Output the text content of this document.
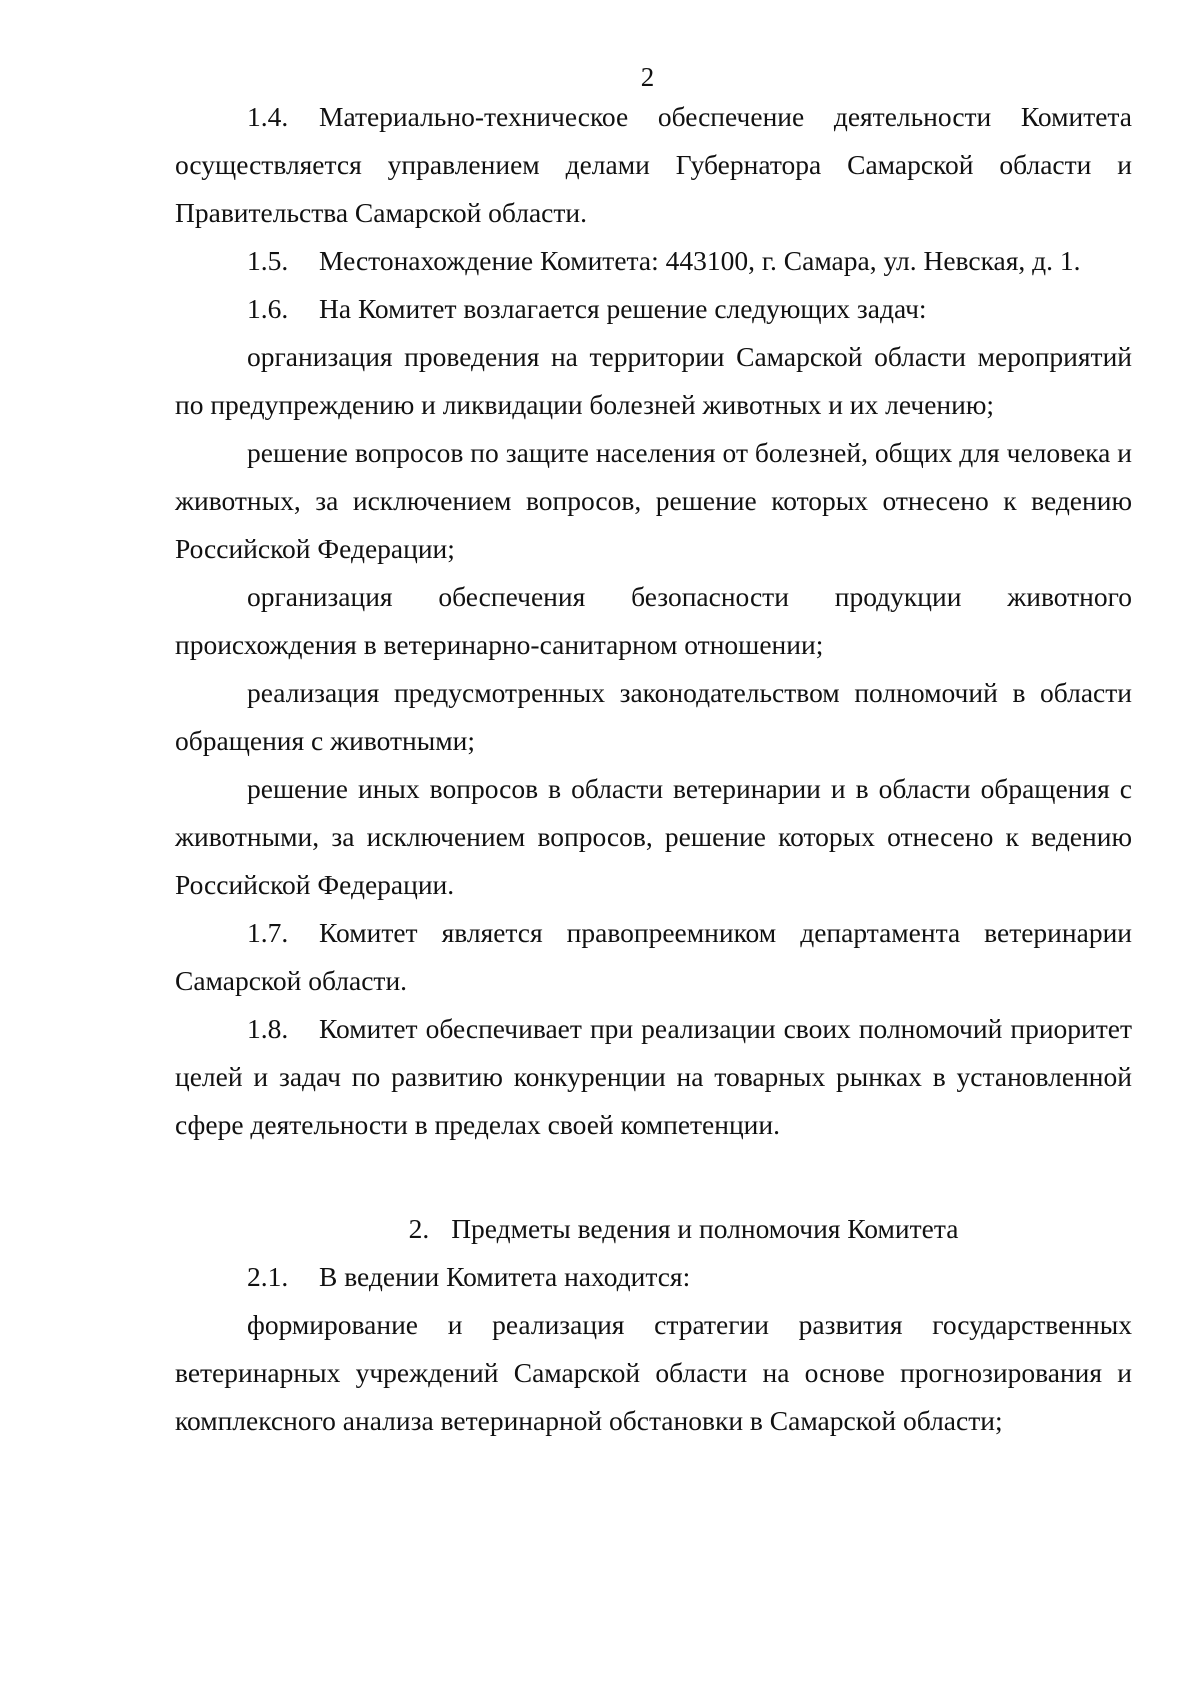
2

1.4. Материально-техническое обеспечение деятельности Комитета осуществляется управлением делами Губернатора Самарской области и Правительства Самарской области.

1.5. Местонахождение Комитета: 443100, г. Самара, ул. Невская, д. 1.

1.6. На Комитет возлагается решение следующих задач:

организация проведения на территории Самарской области мероприятий по предупреждению и ликвидации болезней животных и их лечению;

решение вопросов по защите населения от болезней, общих для человека и животных, за исключением вопросов, решение которых отнесено к ведению Российской Федерации;

организация обеспечения безопасности продукции животного происхождения в ветеринарно-санитарном отношении;

реализация предусмотренных законодательством полномочий в области обращения с животными;

решение иных вопросов в области ветеринарии и в области обращения с животными, за исключением вопросов, решение которых отнесено к ведению Российской Федерации.

1.7. Комитет является правопреемником департамента ветеринарии Самарской области.

1.8. Комитет обеспечивает при реализации своих полномочий приоритет целей и задач по развитию конкуренции на товарных рынках в установленной сфере деятельности в пределах своей компетенции.

2. Предметы ведения и полномочия Комитета

2.1. В ведении Комитета находится:

формирование и реализация стратегии развития государственных ветеринарных учреждений Самарской области на основе прогнозирования и комплексного анализа ветеринарной обстановки в Самарской области;
